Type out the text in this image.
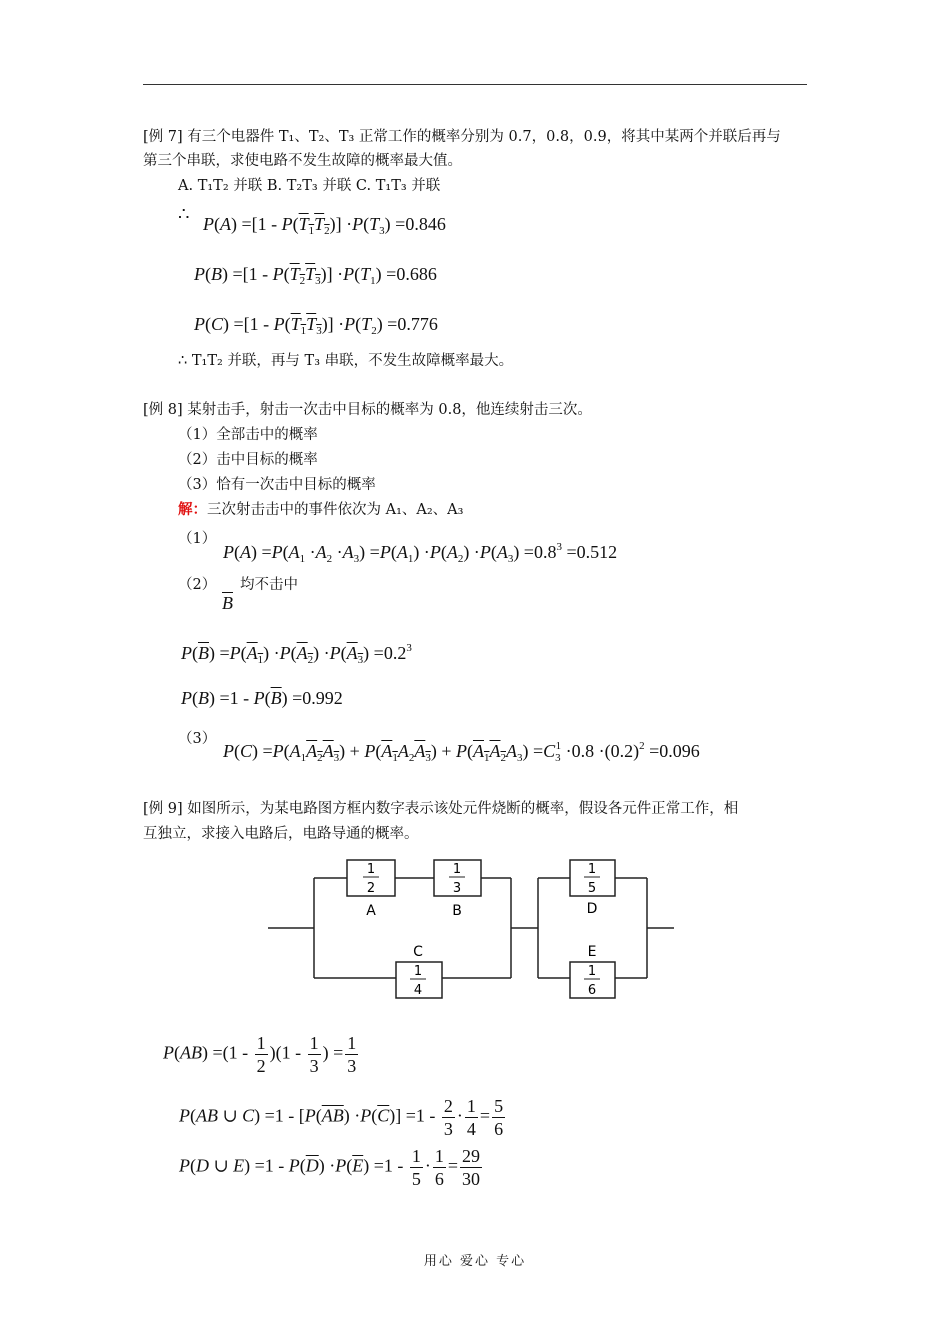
[例 7] 有三个电器件 T₁、T₂、T₃ 正常工作的概率分别为 0.7，0.8，0.9，将其中某两个并联后再与
第三个串联，求使电路不发生故障的概率最大值。
A. T₁T₂ 并联 B. T₂T₃ 并联 C. T₁T₃ 并联
∴ $P(A) =[1 - P(T_1T_2)] \cdot P(T_3) =0.846$
$P(B) =[1 - P(T_2T_3)] \cdot P(T_1) =0.686$
$P(C) =[1 - P(T_1T_3)] \cdot P(T_2) =0.776$
∴ T₁T₂ 并联，再与 T₃ 串联，不发生故障概率最大。
[例 8] 某射击手，射击一次击中目标的概率为 0.8，他连续射击三次。
（1）全部击中的概率
（2）击中目标的概率
（3）恰有一次击中目标的概率
解：三次射击击中的事件依次为 A₁、A₂、A₃
（1）
$P(A) =P(A_1 \cdot A_2 \cdot A_3) =P(A_1) \cdot P(A_2) \cdot P(A_3) =0.8^3 =0.512$
（2） 均不击中
$\overline{B}$
$P(\overline{B}) =P(A_1) \cdot P(A_2) \cdot P(A_3) =0.2^3$
$P(B) =1 - P(\overline{B}) =0.992$
（3）
$P(C) =P(A_1A_2A_3) + P(A_1A_2A_3) + P(A_1A_2A_3) =C_3^1 \cdot 0.8 \cdot(0.2)^2 =0.096$
[例 9] 如图所示，为某电路图方框内数字表示该处元件烧断的概率，假设各元件正常工作，相
互独立，求接入电路后，电路导通的概率。
1
2
A
1
3
B
C
1
4
1
5
D
E
1
6
$P(AB) =(1 - \frac{1}{2} )(1 - \frac{1}{3}$ ) = $\frac{1}{3}$
P(AB ∪ $C) =1 - [P(\overline{AB}) \cdot P(\overline{C})] =1 - \frac{2}{3} \cdot \frac{1}{4} = \frac{5}{6}$
P(D ∪ $E) =1 - P(\overline{D}) \cdot P(\overline{E}) =1 - \frac{1}{5} \cdot \frac{1}{6} = \frac{29}{30}$
用心 爱心 专心
